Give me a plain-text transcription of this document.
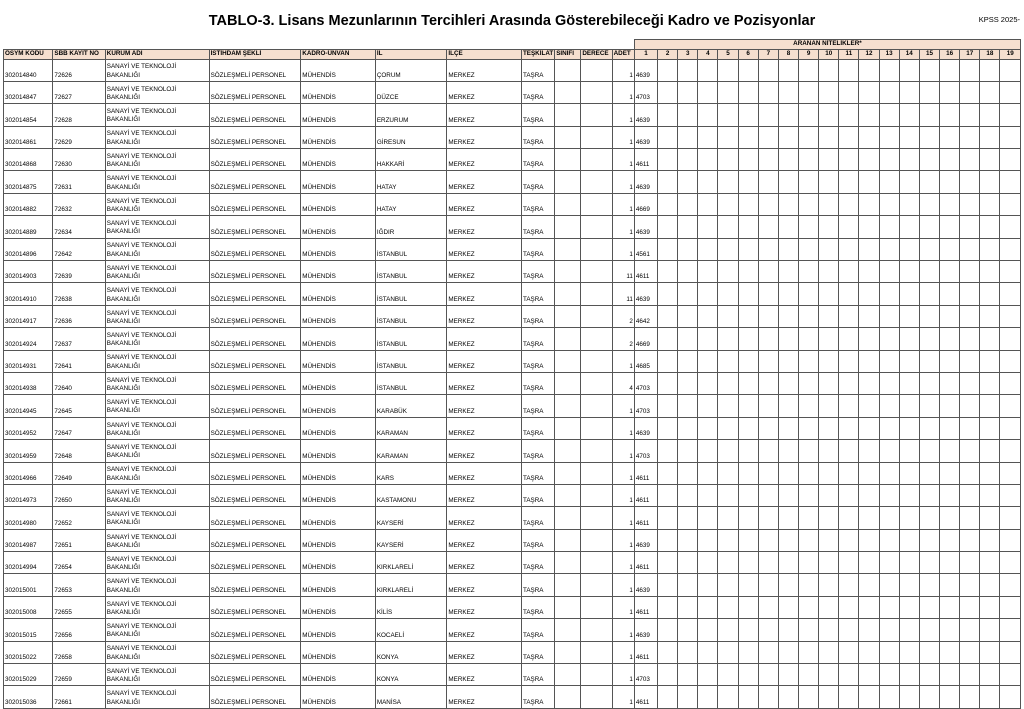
TABLO-3. Lisans Mezunlarının Tercihleri Arasında Gösterebileceği Kadro ve Pozisyonlar	KPSS 2025-
											ARANAN NİTELİKLER*																		
ÖSYM KODU	SBB KAYIT NO	KURUM ADI	İSTİHDAM ŞEKLİ	KADRO-ÜNVAN	İL	İLÇE	TEŞKİLAT	SINIFI	DERECE	ADET	1	2	3	4	5	6	7	8	9	10	11	12	13	14	15	16	17	18	19
302014840	72626	SANAYİ VE TEKNOLOJİ BAKANLIĞI	SÖZLEŞMELİ PERSONEL	MÜHENDİS	ÇORUM	MERKEZ	TAŞRA			1	4639																		
302014847	72627	SANAYİ VE TEKNOLOJİ BAKANLIĞI	SÖZLEŞMELİ PERSONEL	MÜHENDİS	DÜZCE	MERKEZ	TAŞRA			1	4703																		
302014854	72628	SANAYİ VE TEKNOLOJİ BAKANLIĞI	SÖZLEŞMELİ PERSONEL	MÜHENDİS	ERZURUM	MERKEZ	TAŞRA			1	4639																		
302014861	72629	SANAYİ VE TEKNOLOJİ BAKANLIĞI	SÖZLEŞMELİ PERSONEL	MÜHENDİS	GİRESUN	MERKEZ	TAŞRA			1	4639																		
302014868	72630	SANAYİ VE TEKNOLOJİ BAKANLIĞI	SÖZLEŞMELİ PERSONEL	MÜHENDİS	HAKKARİ	MERKEZ	TAŞRA			1	4611																		
302014875	72631	SANAYİ VE TEKNOLOJİ BAKANLIĞI	SÖZLEŞMELİ PERSONEL	MÜHENDİS	HATAY	MERKEZ	TAŞRA			1	4639																		
302014882	72632	SANAYİ VE TEKNOLOJİ BAKANLIĞI	SÖZLEŞMELİ PERSONEL	MÜHENDİS	HATAY	MERKEZ	TAŞRA			1	4669																		
302014889	72634	SANAYİ VE TEKNOLOJİ BAKANLIĞI	SÖZLEŞMELİ PERSONEL	MÜHENDİS	IĞDIR	MERKEZ	TAŞRA			1	4639																		
302014896	72642	SANAYİ VE TEKNOLOJİ BAKANLIĞI	SÖZLEŞMELİ PERSONEL	MÜHENDİS	İSTANBUL	MERKEZ	TAŞRA			1	4561																		
302014903	72639	SANAYİ VE TEKNOLOJİ BAKANLIĞI	SÖZLEŞMELİ PERSONEL	MÜHENDİS	İSTANBUL	MERKEZ	TAŞRA			11	4611																		
302014910	72638	SANAYİ VE TEKNOLOJİ BAKANLIĞI	SÖZLEŞMELİ PERSONEL	MÜHENDİS	İSTANBUL	MERKEZ	TAŞRA			11	4639																		
302014917	72636	SANAYİ VE TEKNOLOJİ BAKANLIĞI	SÖZLEŞMELİ PERSONEL	MÜHENDİS	İSTANBUL	MERKEZ	TAŞRA			2	4642																		
302014924	72637	SANAYİ VE TEKNOLOJİ BAKANLIĞI	SÖZLEŞMELİ PERSONEL	MÜHENDİS	İSTANBUL	MERKEZ	TAŞRA			2	4669																		
302014931	72641	SANAYİ VE TEKNOLOJİ BAKANLIĞI	SÖZLEŞMELİ PERSONEL	MÜHENDİS	İSTANBUL	MERKEZ	TAŞRA			1	4685																		
302014938	72640	SANAYİ VE TEKNOLOJİ BAKANLIĞI	SÖZLEŞMELİ PERSONEL	MÜHENDİS	İSTANBUL	MERKEZ	TAŞRA			4	4703																		
302014945	72645	SANAYİ VE TEKNOLOJİ BAKANLIĞI	SÖZLEŞMELİ PERSONEL	MÜHENDİS	KARABÜK	MERKEZ	TAŞRA			1	4703																		
302014952	72647	SANAYİ VE TEKNOLOJİ BAKANLIĞI	SÖZLEŞMELİ PERSONEL	MÜHENDİS	KARAMAN	MERKEZ	TAŞRA			1	4639																		
302014959	72648	SANAYİ VE TEKNOLOJİ BAKANLIĞI	SÖZLEŞMELİ PERSONEL	MÜHENDİS	KARAMAN	MERKEZ	TAŞRA			1	4703																		
302014966	72649	SANAYİ VE TEKNOLOJİ BAKANLIĞI	SÖZLEŞMELİ PERSONEL	MÜHENDİS	KARS	MERKEZ	TAŞRA			1	4611																		
302014973	72650	SANAYİ VE TEKNOLOJİ BAKANLIĞI	SÖZLEŞMELİ PERSONEL	MÜHENDİS	KASTAMONU	MERKEZ	TAŞRA			1	4611																		
302014980	72652	SANAYİ VE TEKNOLOJİ BAKANLIĞI	SÖZLEŞMELİ PERSONEL	MÜHENDİS	KAYSERİ	MERKEZ	TAŞRA			1	4611																		
302014987	72651	SANAYİ VE TEKNOLOJİ BAKANLIĞI	SÖZLEŞMELİ PERSONEL	MÜHENDİS	KAYSERİ	MERKEZ	TAŞRA			1	4639																		
302014994	72654	SANAYİ VE TEKNOLOJİ BAKANLIĞI	SÖZLEŞMELİ PERSONEL	MÜHENDİS	KIRKLARELİ	MERKEZ	TAŞRA			1	4611																		
302015001	72653	SANAYİ VE TEKNOLOJİ BAKANLIĞI	SÖZLEŞMELİ PERSONEL	MÜHENDİS	KIRKLARELİ	MERKEZ	TAŞRA			1	4639																		
302015008	72655	SANAYİ VE TEKNOLOJİ BAKANLIĞI	SÖZLEŞMELİ PERSONEL	MÜHENDİS	KİLİS	MERKEZ	TAŞRA			1	4611																		
302015015	72656	SANAYİ VE TEKNOLOJİ BAKANLIĞI	SÖZLEŞMELİ PERSONEL	MÜHENDİS	KOCAELİ	MERKEZ	TAŞRA			1	4639																		
302015022	72658	SANAYİ VE TEKNOLOJİ BAKANLIĞI	SÖZLEŞMELİ PERSONEL	MÜHENDİS	KONYA	MERKEZ	TAŞRA			1	4611																		
302015029	72659	SANAYİ VE TEKNOLOJİ BAKANLIĞI	SÖZLEŞMELİ PERSONEL	MÜHENDİS	KONYA	MERKEZ	TAŞRA			1	4703																		
302015036	72661	SANAYİ VE TEKNOLOJİ BAKANLIĞI	SÖZLEŞMELİ PERSONEL	MÜHENDİS	MANİSA	MERKEZ	TAŞRA			1	4611																		
